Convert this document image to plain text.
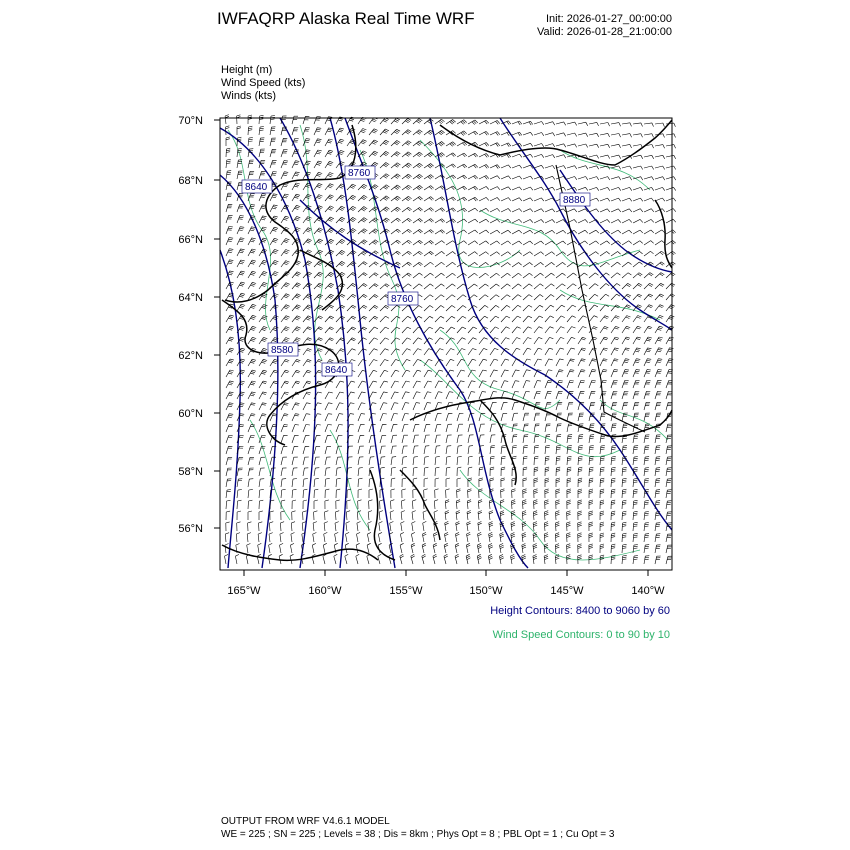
IWFAQRP Alaska Real Time WRF	Init: 2026-01-27_00:00:00
Valid: 2026-01-28_21:00:00
Height (m)
Wind Speed (kts)
Winds (kts)
70°N
68°N
66°N
64°N
62°N
60°N
58°N
56°N
165°W	160°W	155°W	150°W	145°W	140°W
8640
8760
8880
8760
8580
8640
Height Contours: 8400 to 9060 by 60
Wind Speed Contours: 0 to 90 by 10
OUTPUT FROM WRF V4.6.1 MODEL
WE = 225 ; SN = 225 ; Levels = 38 ; Dis = 8km ; Phys Opt = 8 ; PBL Opt = 1 ; Cu Opt = 3
